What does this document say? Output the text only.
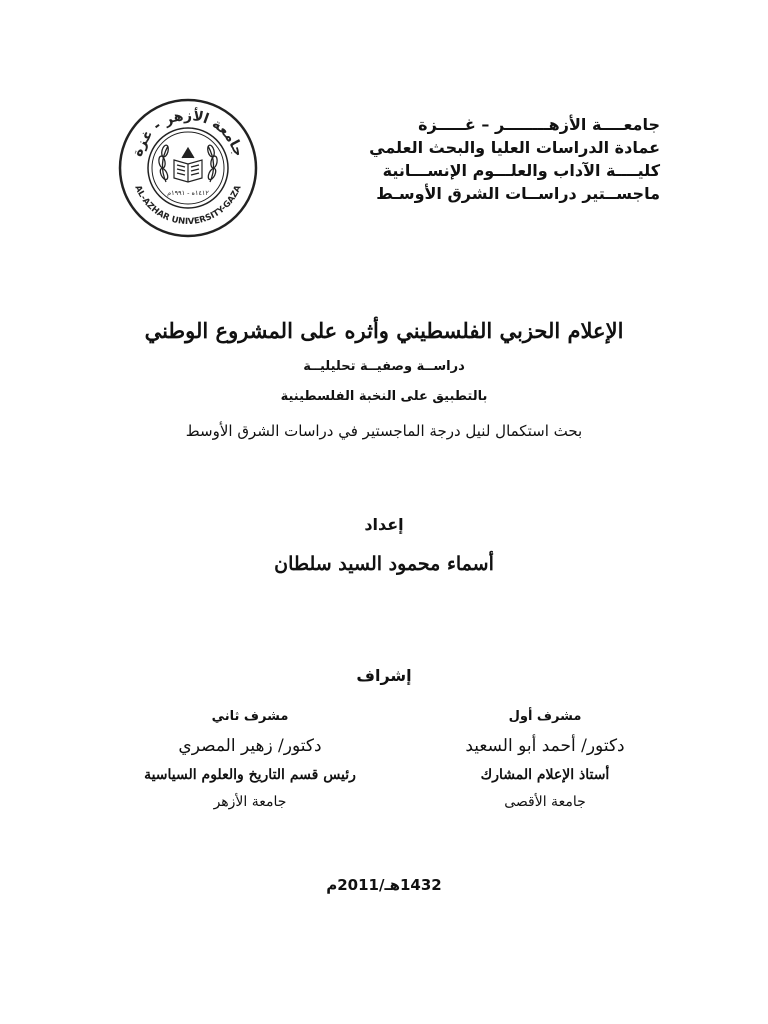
جامعــــة الأزهــــــــر – غـــــزة
عمادة الدراسات العليا والبحث العلمي
كليــــة الآداب والعلـــوم الإنســـانية
ماجســتير دراســات الشرق الأوسـط
جامعة الأزهر - غزة
AL-AZHAR UNIVERSITY-GAZA
١٤١٢ه - ١٩٩١م
الإعلام الحزبي الفلسطيني وأثره على المشروع الوطني
دراســة وصفيــة تحليليــة
بالتطبيق على النخبة الفلسطينية
بحث استكمال لنيل درجة الماجستير في دراسات الشرق الأوسط
إعداد
أسماء محمود السيد سلطان
إشراف
مشرف أول
دكتور/ أحمد أبو السعيد
أستاذ الإعلام المشارك
جامعة الأقصى
مشرف ثاني
دكتور/ زهير المصري
رئيس قسم التاريخ والعلوم السياسية
جامعة الأزهر
1432هـ/2011م
